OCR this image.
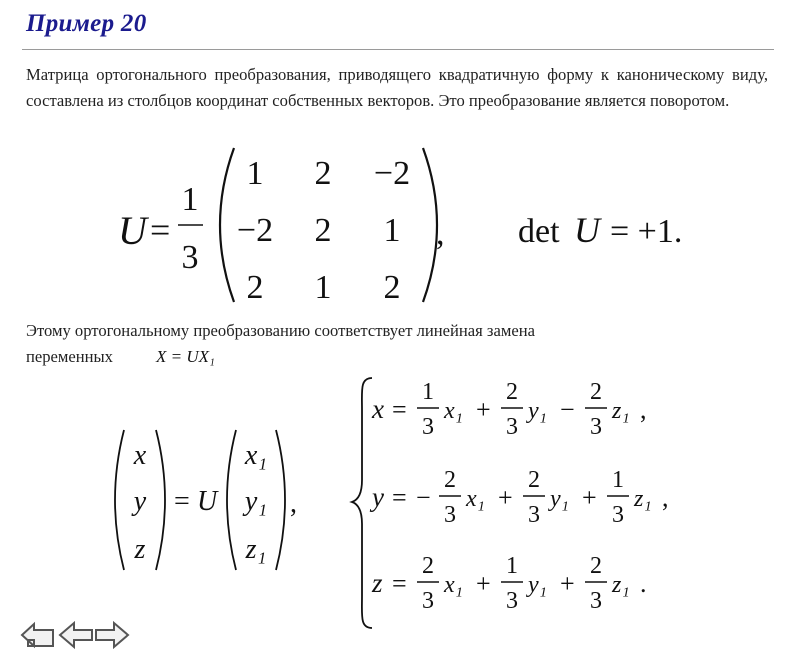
Пример 20
Матрица ортогонального преобразования, приводящего квадратичную форму к каноническому виду, составлена из столбцов координат собственных векторов. Это преобразование является поворотом.
U =
1
3
1 2 −2
−2 2 1
2 1 2
, det U = +1.
Этому ортогональному преобразованию соответствует линейная замена
переменных	X = UX₁
x
y
z
= U
x₁
y₁
z₁
,
x =
1
3
x₁ +
2
3
y₁ −
2
3
z₁ ,
y = −
2
3
x₁ +
2
3
y₁ +
1
3
z₁ ,
z =
2
3
x₁ +
1
3
y₁ +
2
3
z₁ .
